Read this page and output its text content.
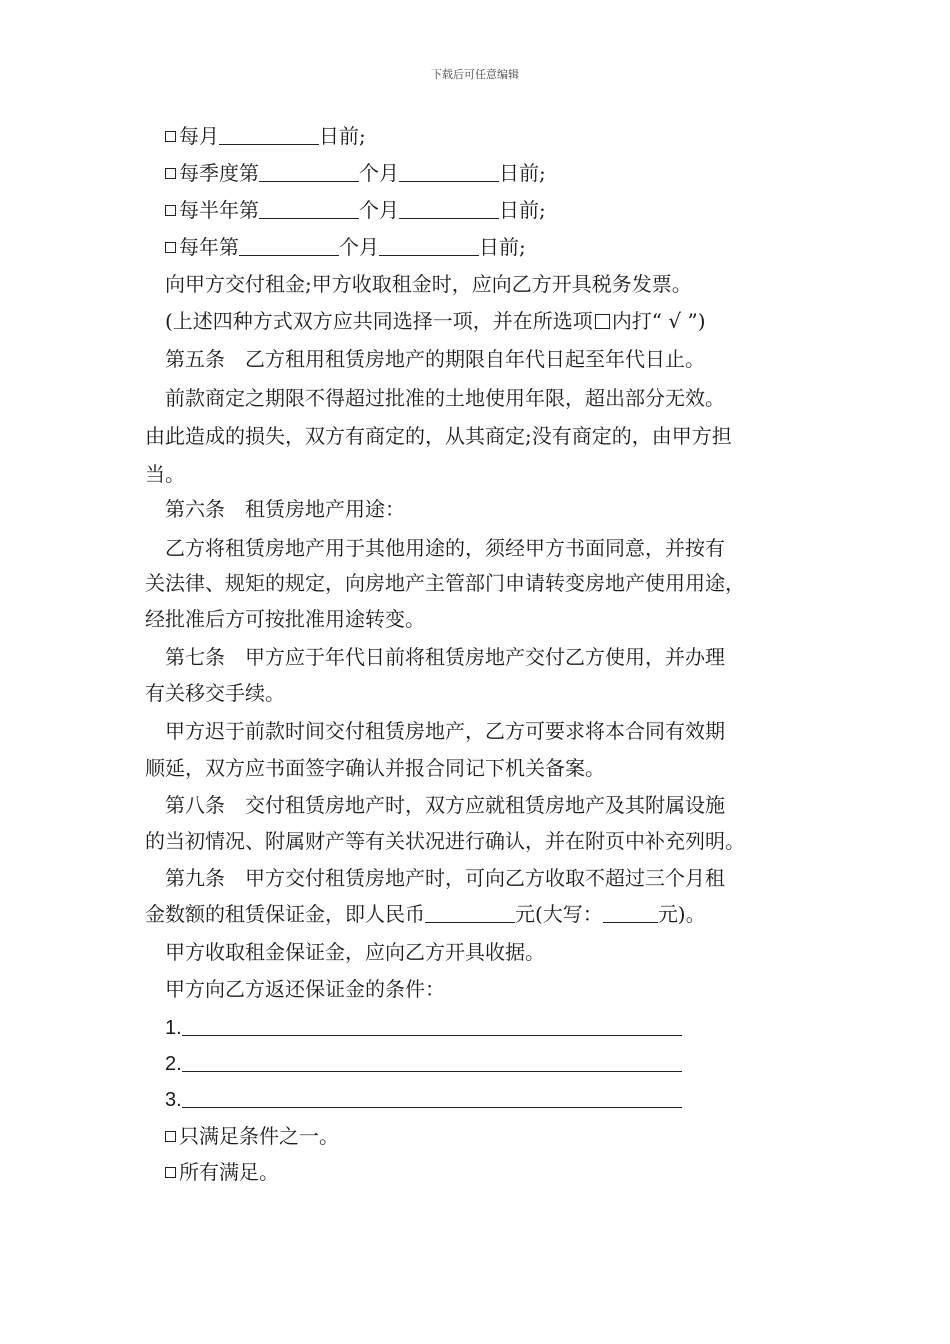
下载后可任意编辑
每月	日前;
每季度第	个月	日前;
每半年第	个月	日前;
每年第	个月	日前;
向甲方交付租金;甲方收取租金时，应向乙方开具税务发票。
(上述四种方式双方应共同选择一项，并在所选项 内打“ √ ”)
第五条　乙方租用租赁房地产的期限自年代日起至年代日止。
前款商定之期限不得超过批准的土地使用年限，超出部分无效。
由此造成的损失，双方有商定的，从其商定;没有商定的，由甲方担
当。
第六条　租赁房地产用途：
乙方将租赁房地产用于其他用途的，须经甲方书面同意，并按有
关法律、规矩的规定，向房地产主管部门申请转变房地产使用用途，
经批准后方可按批准用途转变。
第七条　甲方应于年代日前将租赁房地产交付乙方使用，并办理
有关移交手续。
甲方迟于前款时间交付租赁房地产，乙方可要求将本合同有效期
顺延，双方应书面签字确认并报合同记下机关备案。
第八条　交付租赁房地产时，双方应就租赁房地产及其附属设施
的当初情况、附属财产等有关状况进行确认，并在附页中补充列明。
第九条　甲方交付租赁房地产时，可向乙方收取不超过三个月租
金数额的租赁保证金，即人民币	元(大写：	元)。
甲方收取租金保证金，应向乙方开具收据。
甲方向乙方返还保证金的条件：
1.
2.
3.
只满足条件之一。
所有满足。
